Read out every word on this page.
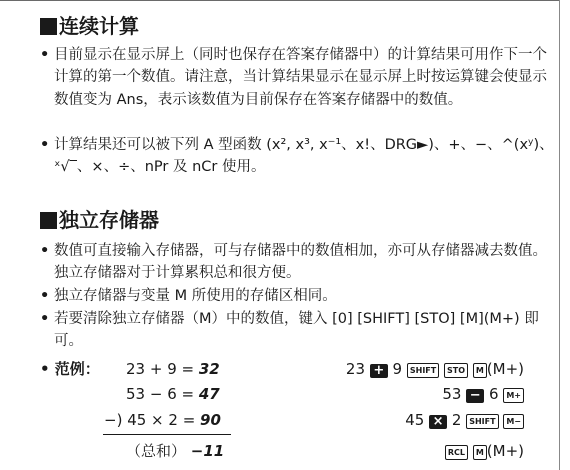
连续计算

• 目前显示在显示屏上（同时也保存在答案存储器中）的计算结果可用作下一个计算的第一个数值。请注意，当计算结果显示在显示屏上时按运算键会使显示数值变为 Ans，表示该数值为目前保存在答案存储器中的数值。

• 计算结果还可以被下列 A 型函数 (x², x³, x⁻¹、x!、DRG►)、+、−、^(xʸ)、ˣ√‾、×、÷、nPr 及 nCr 使用。

独立存储器

• 数值可直接输入存储器，可与存储器中的数值相加，亦可从存储器减去数值。独立存储器对于计算累积总和很方便。

• 独立存储器与变量 M 所使用的存储区相同。

• 若要清除独立存储器（M）中的数值，键入 [0] [SHIFT] [STO] [M](M+) 即可。

• 范例： 23 + 9 = 32
53 − 6 = 47
−) 45 × 2 = 90
（总和） −11
23 + 9 SHIFT STO M (M+)
53 − 6 M+
45 × 2 SHIFT M−
RCL M (M+)
